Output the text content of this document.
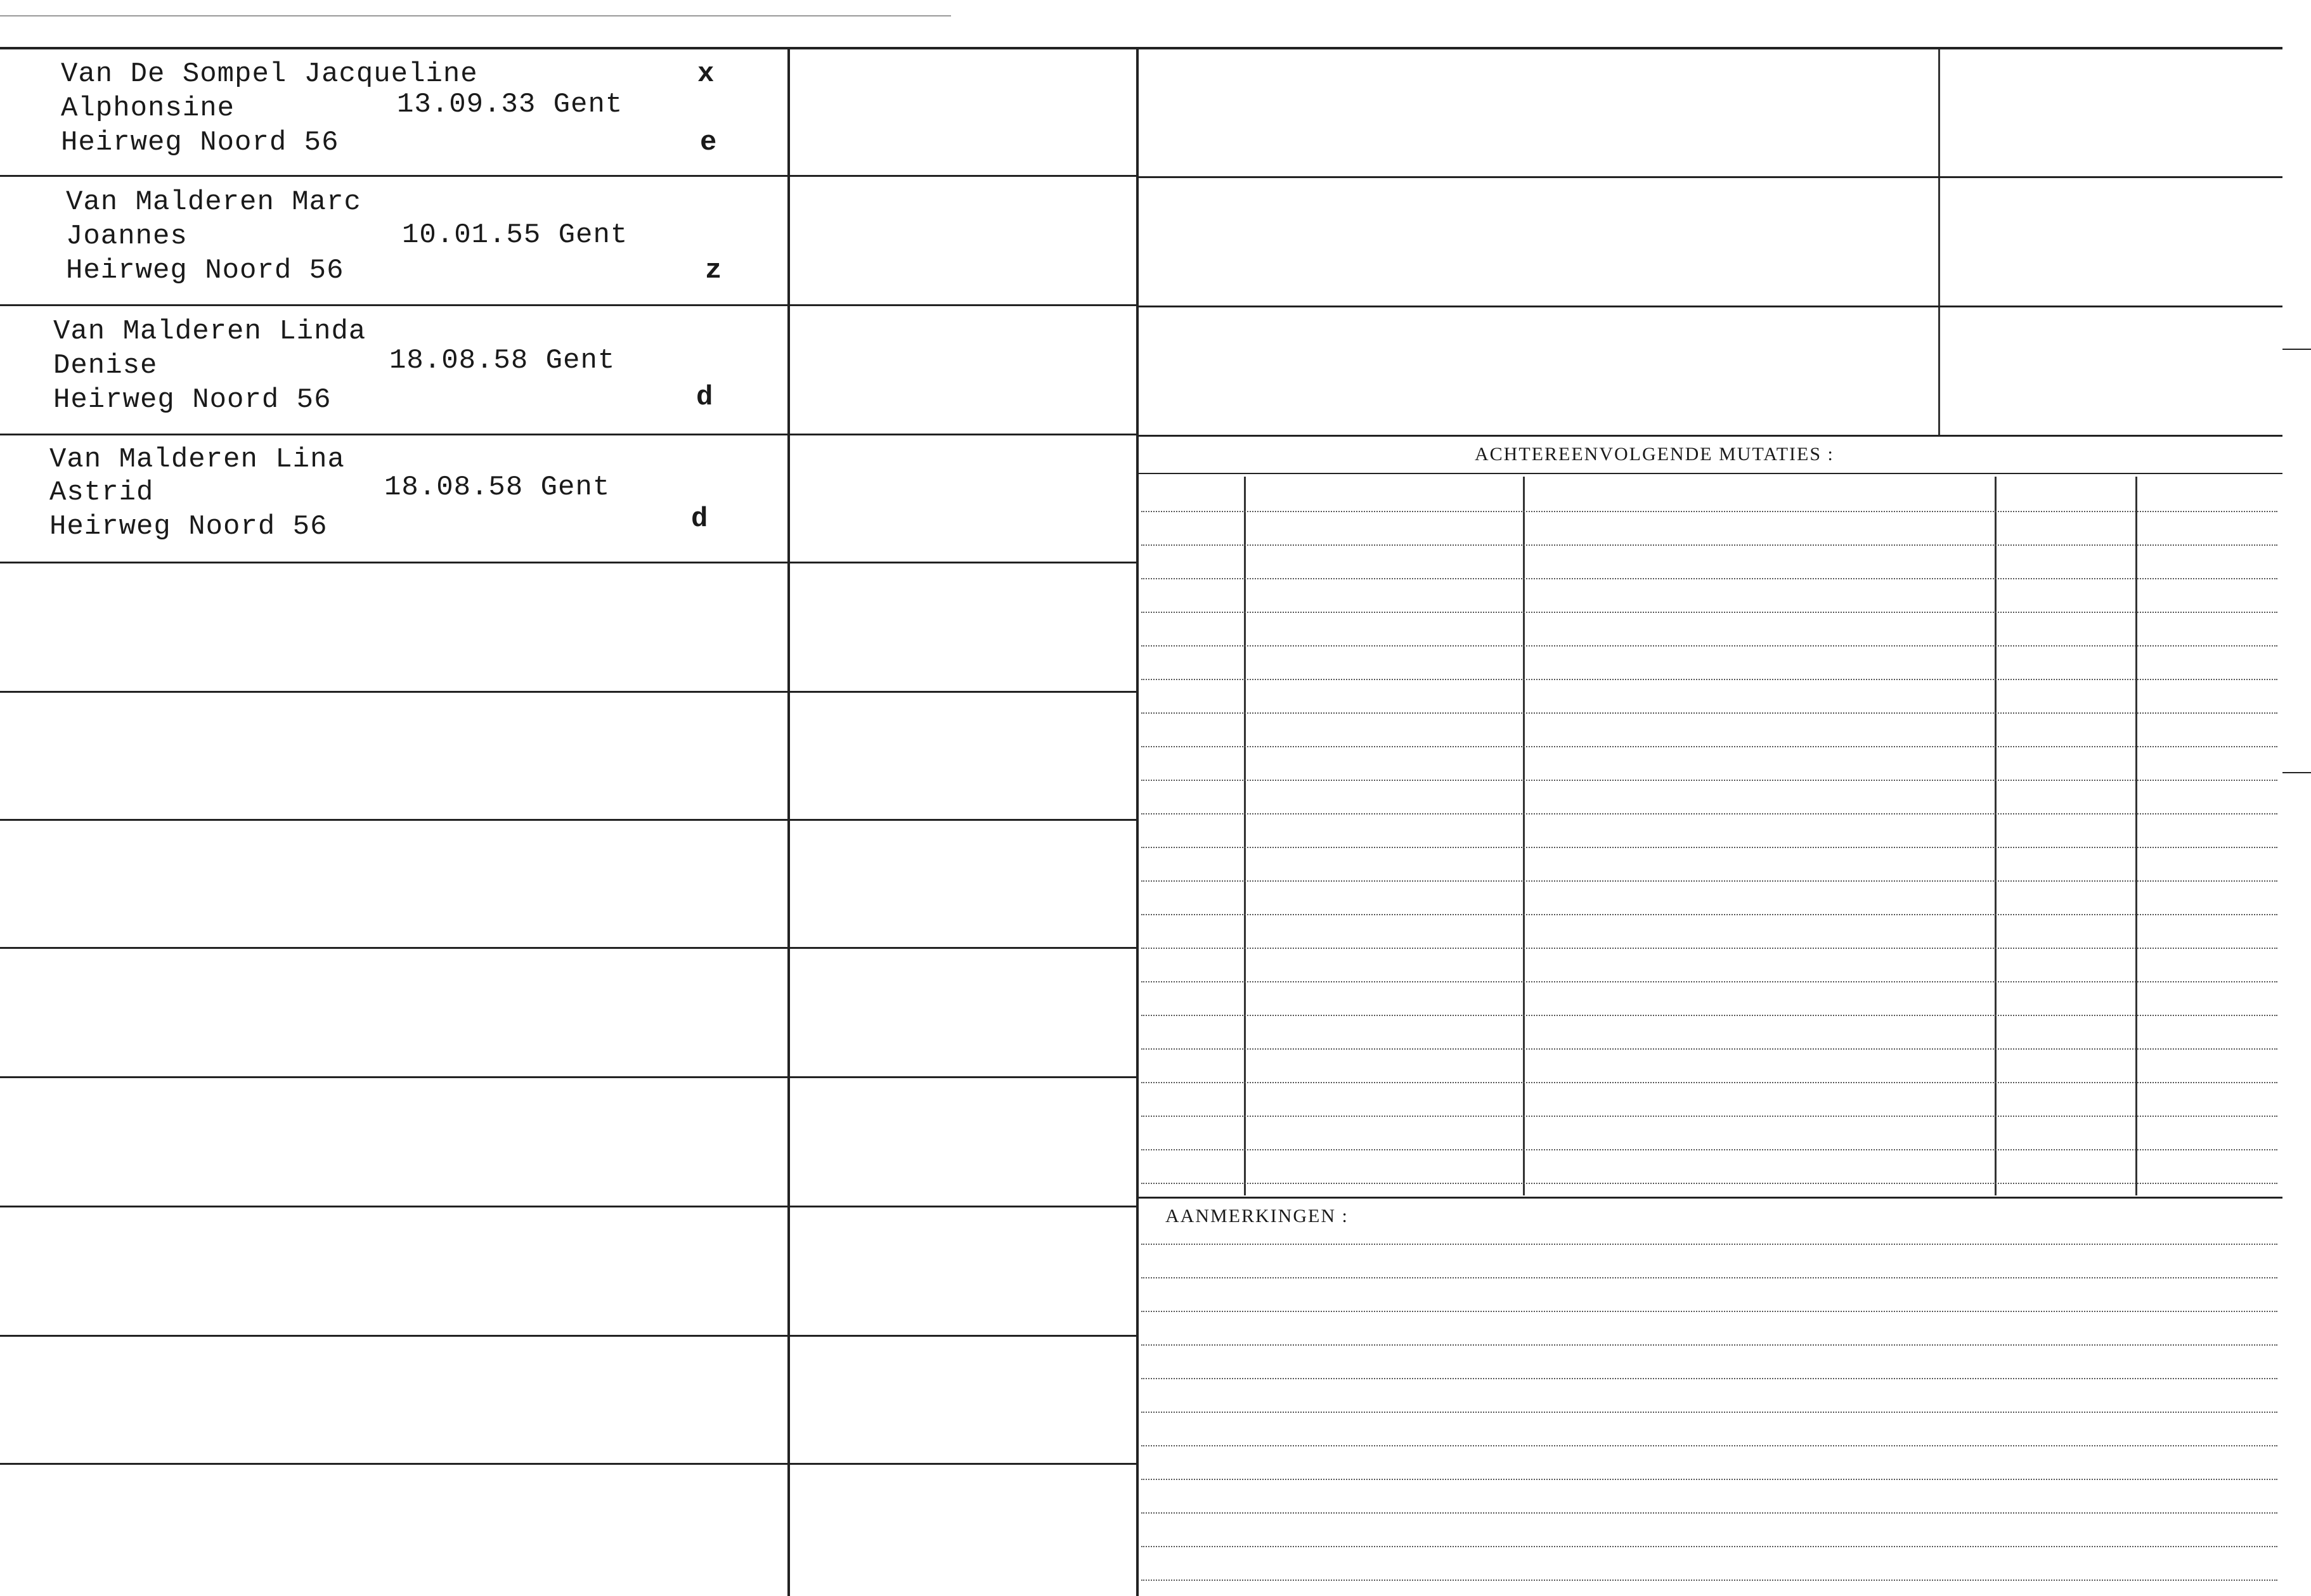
Van De Sompel Jacqueline	x
Alphonsine	13.09.33 Gent
Heirweg Noord 56	e
Van Malderen Marc
Joannes	10.01.55 Gent
Heirweg Noord 56	z
Van Malderen Linda
Denise	18.08.58 Gent
Heirweg Noord 56	d
Van Malderen Lina
Astrid	18.08.58 Gent
Heirweg Noord 56	d
ACHTEREENVOLGENDE MUTATIES :
AANMERKINGEN :
